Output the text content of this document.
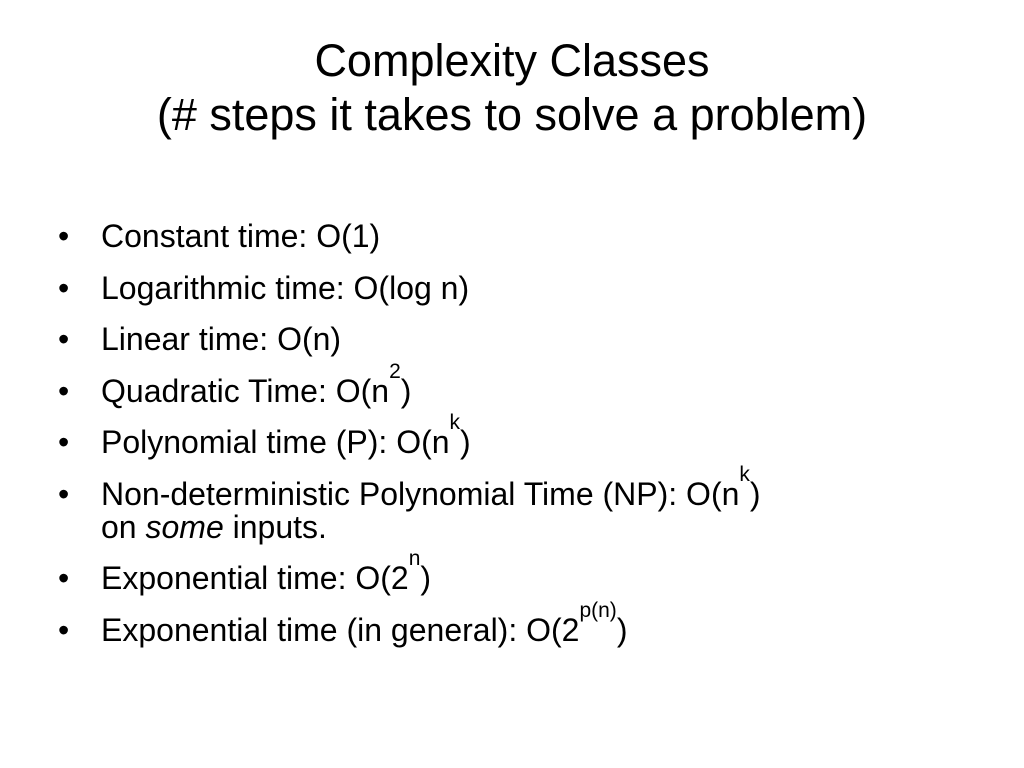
Complexity Classes
(# steps it takes to solve a problem)
• Constant time: O(1)
• Logarithmic time: O(log n)
• Linear time: O(n)
• Quadratic Time: $O(n^2)$
• Polynomial time (P): $O(n^k)$
• Non-deterministic Polynomial Time (NP): $O(n^k)$
on some inputs.
• Exponential time: O(2$^n$)
• Exponential time (in general): $O(2^{p(n)})$
